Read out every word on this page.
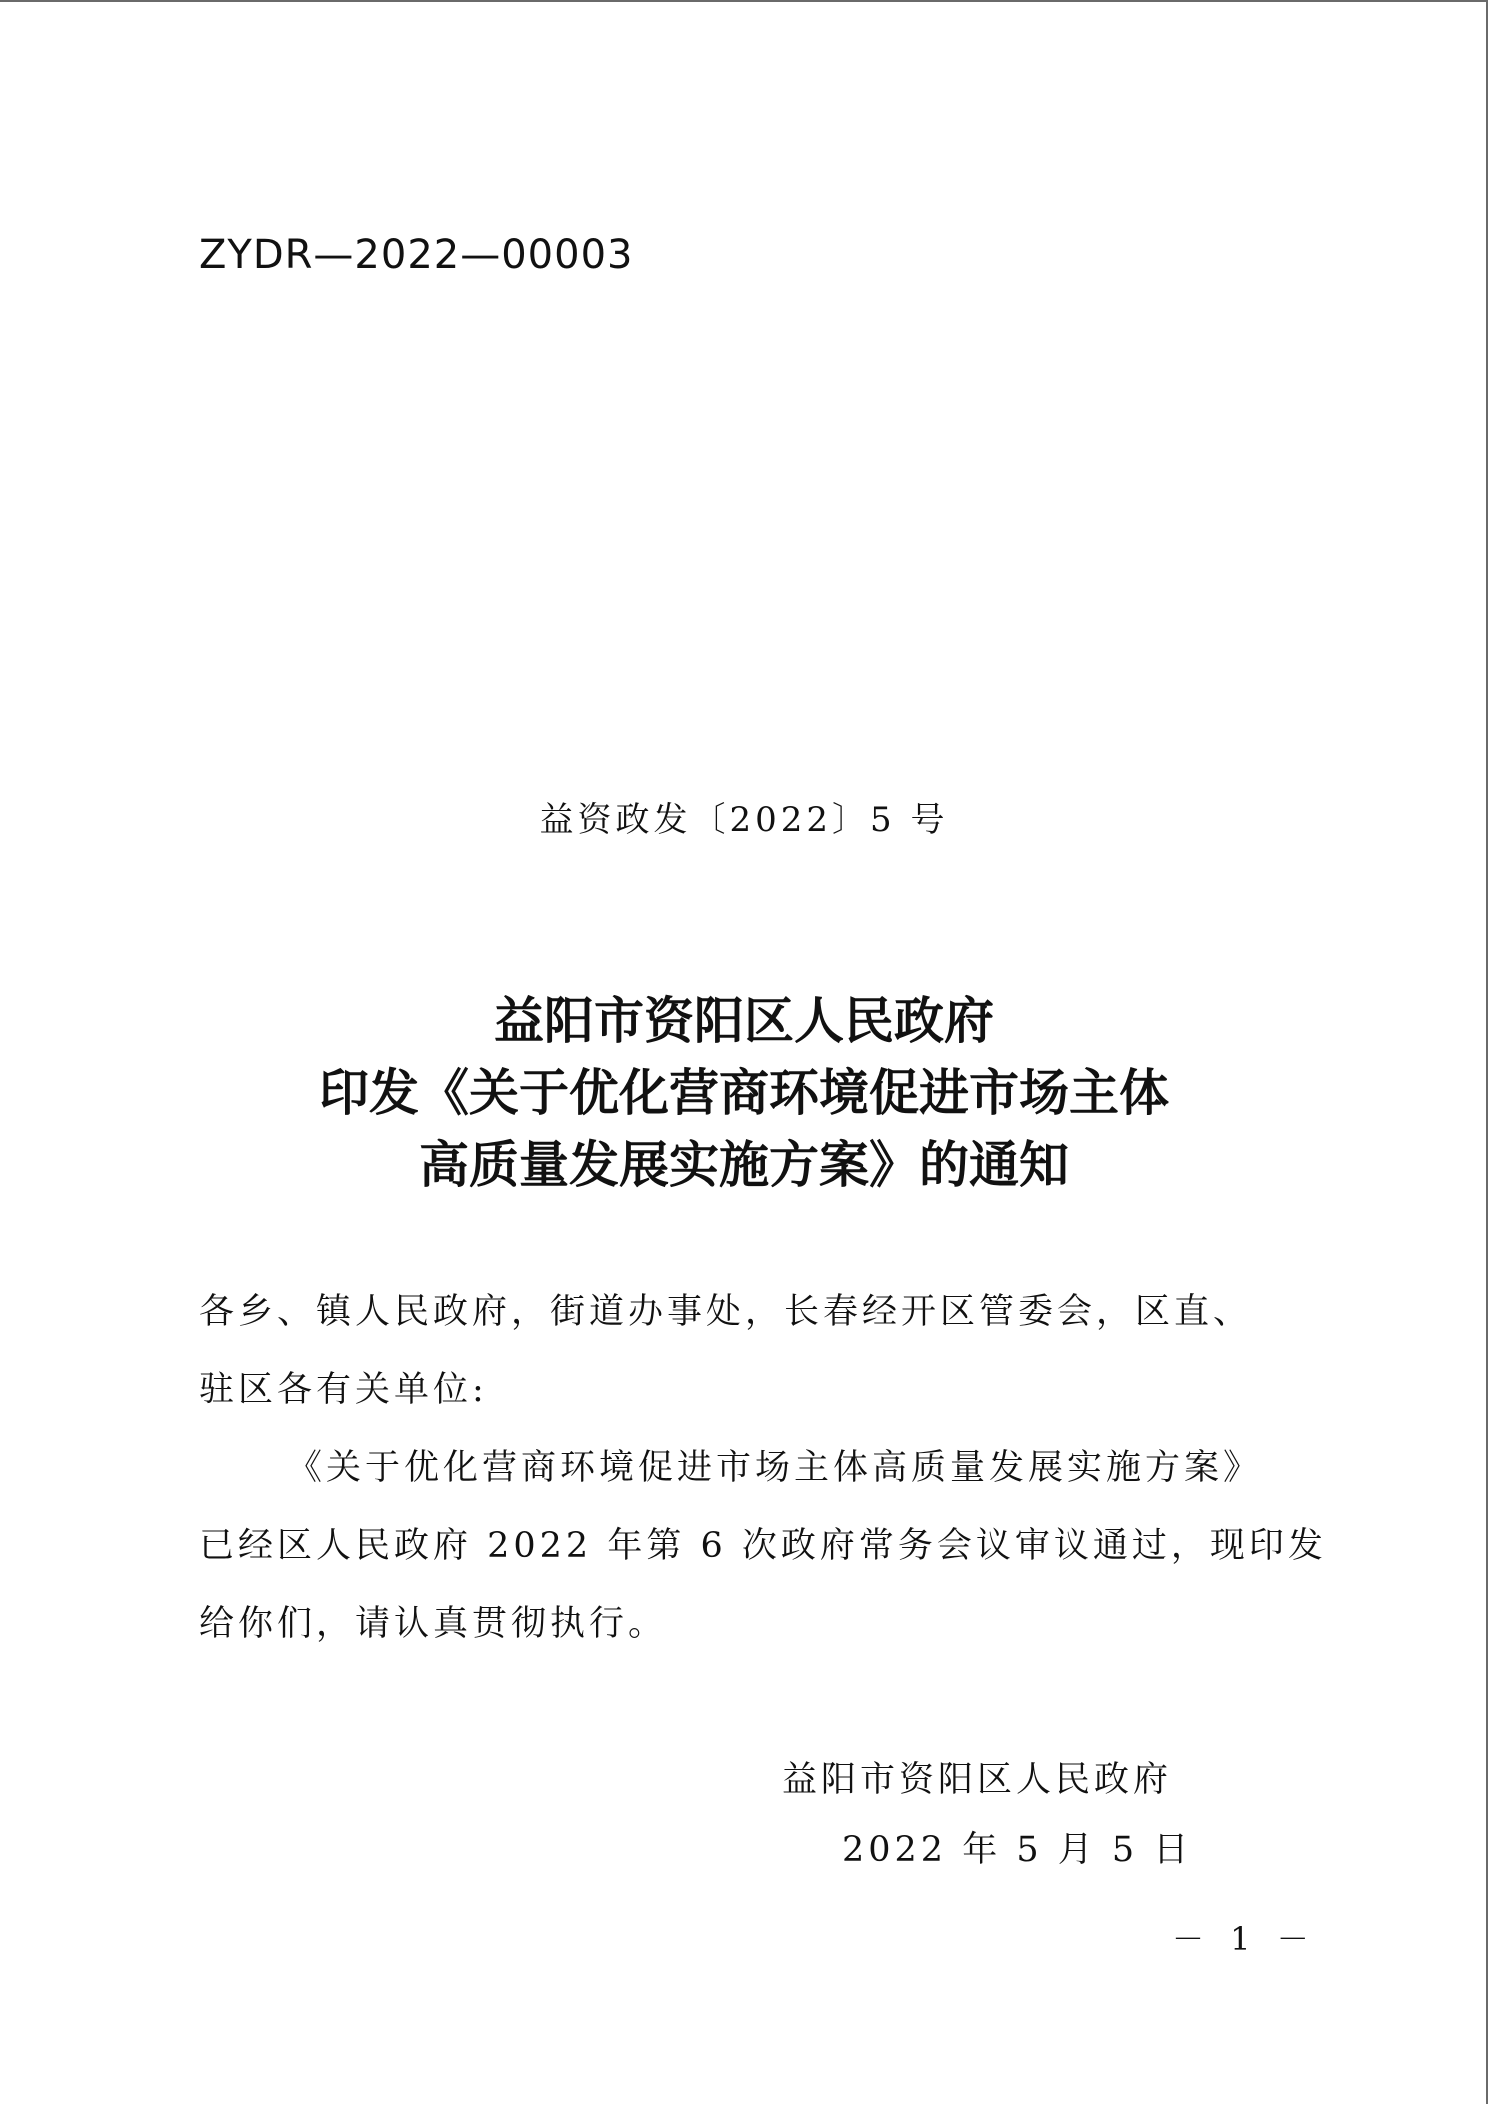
ZYDR—2022—00003
益资政发〔2022〕5 号
益阳市资阳区人民政府
印发《关于优化营商环境促进市场主体
高质量发展实施方案》的通知
各乡、镇人民政府，街道办事处，长春经开区管委会，区直、
驻区各有关单位:
《关于优化营商环境促进市场主体高质量发展实施方案》
已经区人民政府 2022 年第 6 次政府常务会议审议通过，现印发
给你们，请认真贯彻执行。
益阳市资阳区人民政府
2022 年 5 月 5 日
－ 1 －
